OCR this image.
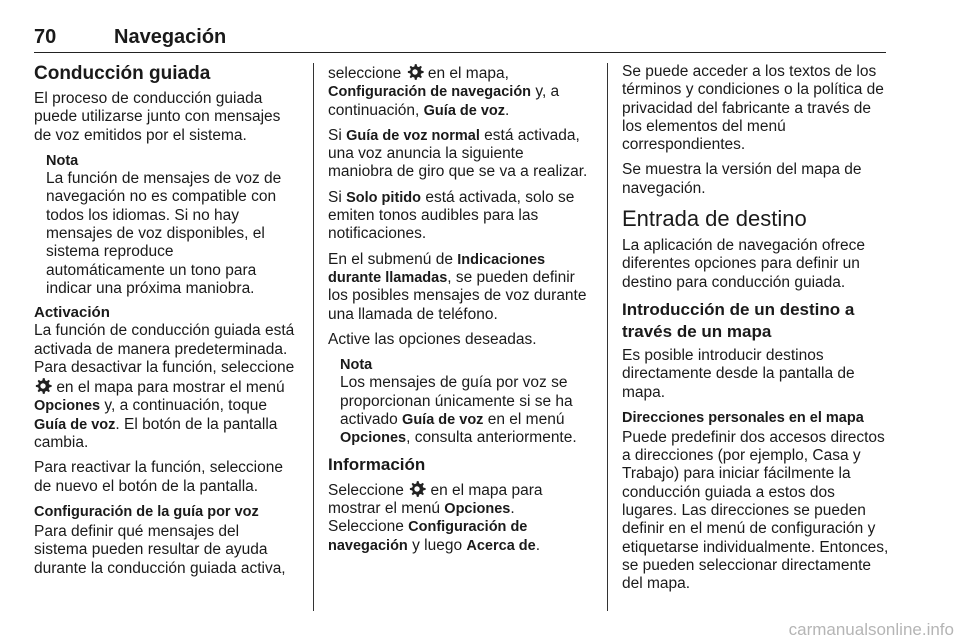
70	Navegación
Conducción guiada

El proceso de conducción guiada puede utilizarse junto con mensajes de voz emitidos por el sistema.

Nota
La función de mensajes de voz de navegación no es compatible con todos los idiomas. Si no hay mensajes de voz disponibles, el sistema reproduce automáticamente un tono para indicar una próxima maniobra.
Activación

La función de conducción guiada está activada de manera predeterminada. Para desactivar la función, seleccione  en el mapa para mostrar el menú Opciones y, a continuación, toque Guía de voz. El botón de la pantalla cambia.

Para reactivar la función, seleccione de nuevo el botón de la pantalla.

Configuración de la guía por voz

Para definir qué mensajes del sistema pueden resultar de ayuda durante la conducción guiada activa,

seleccione en el mapa, Configuración de navegación y, a continuación, Guía de voz.

Si Guía de voz normal está activada, una voz anuncia la siguiente maniobra de giro que se va a realizar.

Si Solo pitido está activada, solo se emiten tonos audibles para las notificaciones.

En el submenú de Indicaciones durante llamadas, se pueden definir los posibles mensajes de voz durante una llamada de teléfono.

Active las opciones deseadas.

Nota
Los mensajes de guía por voz se proporcionan únicamente si se ha activado Guía de voz en el menú Opciones, consulta anteriormente.
Información

Seleccione en el mapa para mostrar el menú Opciones. Seleccione Configuración de navegación y luego Acerca de.

Se puede acceder a los textos de los términos y condiciones o la política de privacidad del fabricante a través de los elementos del menú correspondientes.

Se muestra la versión del mapa de navegación.

Entrada de destino

La aplicación de navegación ofrece diferentes opciones para definir un destino para conducción guiada.

Introducción de un destino a través de un mapa

Es posible introducir destinos directamente desde la pantalla de mapa.

Direcciones personales en el mapa

Puede predefinir dos accesos directos a direcciones (por ejemplo, Casa y Trabajo) para iniciar fácilmente la conducción guiada a estos dos lugares. Las direcciones se pueden definir en el menú de configuración y etiquetarse individualmente. Entonces, se pueden seleccionar directamente del mapa.

carmanualsonline.info
